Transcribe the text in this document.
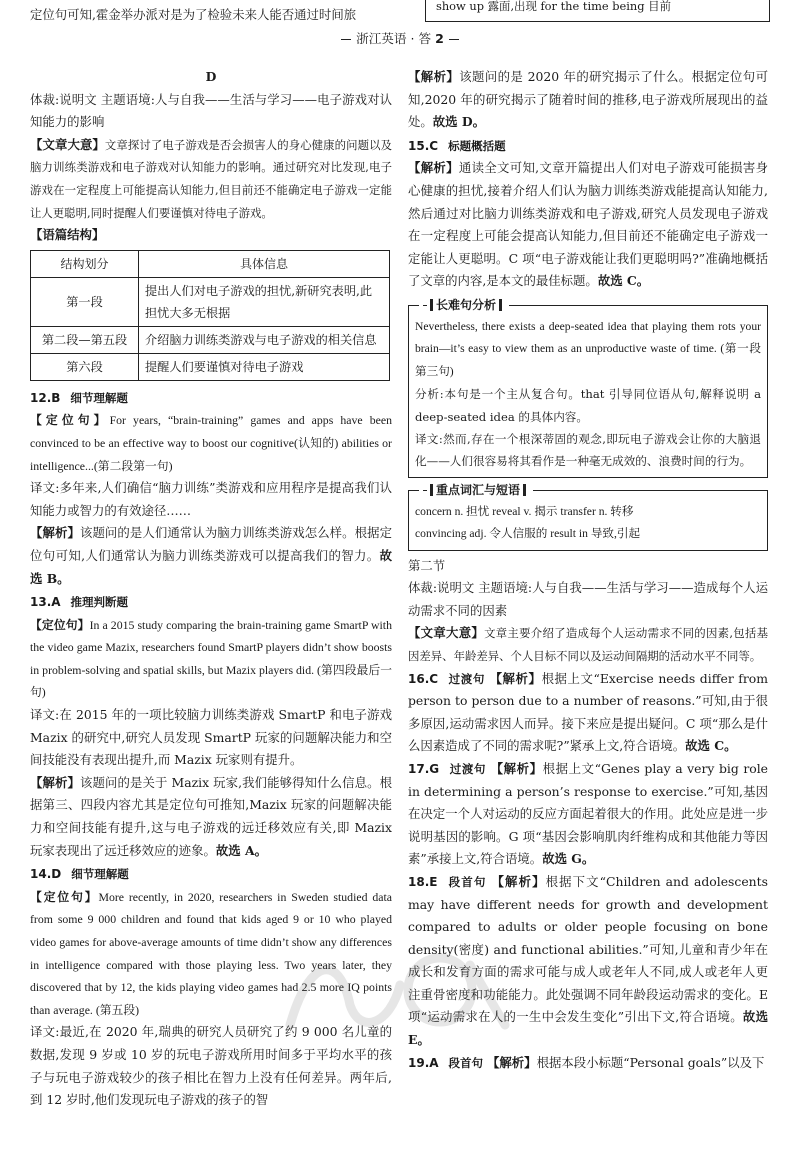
定位句可知,霍金举办派对是为了检验未来人能否通过时间旅
show up 露面,出现 for the time being 目前
浙江英语 · 答 2

D

体裁:说明文 主题语境:人与自我——生活与学习——电子游戏对认知能力的影响

【文章大意】文章探讨了电子游戏是否会损害人的身心健康的问题以及脑力训练类游戏和电子游戏对认知能力的影响。通过研究对比发现,电子游戏在一定程度上可能提高认知能力,但目前还不能确定电子游戏一定能让人更聪明,同时提醒人们要谨慎对待电子游戏。

【语篇结构】

结构划分	具体信息
第一段	提出人们对电子游戏的担忧,新研究表明,此担忧大多无根据
第二段—第五段	介绍脑力训练类游戏与电子游戏的相关信息
第六段	提醒人们要谨慎对待电子游戏

12.B 细节理解题

【定位句】For years, “brain-training” games and apps have been convinced to be an effective way to boost our cognitive(认知的) abilities or intelligence...(第二段第一句)

译文:多年来,人们确信“脑力训练”类游戏和应用程序是提高我们认知能力或智力的有效途径……

【解析】该题问的是人们通常认为脑力训练类游戏怎么样。根据定位句可知,人们通常认为脑力训练类游戏可以提高我们的智力。故选 B。

13.A 推理判断题

【定位句】In a 2015 study comparing the brain-training game SmartP with the video game Mazix, researchers found SmartP players didn’t show boosts in problem-solving and spatial skills, but Mazix players did. (第四段最后一句)

译文:在 2015 年的一项比较脑力训练类游戏 SmartP 和电子游戏 Mazix 的研究中,研究人员发现 SmartP 玩家的问题解决能力和空间技能没有表现出提升,而 Mazix 玩家则有提升。

【解析】该题问的是关于 Mazix 玩家,我们能够得知什么信息。根据第三、四段内容尤其是定位句可推知,Mazix 玩家的问题解决能力和空间技能有提升,这与电子游戏的远迁移效应有关,即 Mazix 玩家表现出了远迁移效应的迹象。故选 A。

14.D 细节理解题

【定位句】More recently, in 2020, researchers in Sweden studied data from some 9 000 children and found that kids aged 9 or 10 who played video games for above-average amounts of time didn’t show any differences in intelligence compared with those playing less. Two years later, they discovered that by 12, the kids playing video games had 2.5 more IQ points than average. (第五段)

译文:最近,在 2020 年,瑞典的研究人员研究了约 9 000 名儿童的数据,发现 9 岁或 10 岁的玩电子游戏所用时间多于平均水平的孩子与玩电子游戏较少的孩子相比在智力上没有任何差异。两年后,到 12 岁时,他们发现玩电子游戏的孩子的智

【解析】该题问的是 2020 年的研究揭示了什么。根据定位句可知,2020 年的研究揭示了随着时间的推移,电子游戏所展现出的益处。故选 D。

15.C 标题概括题

【解析】通读全文可知,文章开篇提出人们对电子游戏可能损害身心健康的担忧,接着介绍人们认为脑力训练类游戏能提高认知能力,然后通过对比脑力训练类游戏和电子游戏,研究人员发现电子游戏在一定程度上可能会提高认知能力,但目前还不能确定电子游戏一定能让人更聪明。C 项“电子游戏能让我们更聪明吗?”准确地概括了文章的内容,是本文的最佳标题。故选 C。

长难句分析

Nevertheless, there exists a deep-seated idea that playing them rots your brain—it’s easy to view them as an unproductive waste of time. (第一段第三句)

分析:本句是一个主从复合句。that 引导同位语从句,解释说明 a deep-seated idea 的具体内容。

译文:然而,存在一个根深蒂固的观念,即玩电子游戏会让你的大脑退化——人们很容易将其看作是一种毫无成效的、浪费时间的行为。

重点词汇与短语

concern n. 担忧 reveal v. 揭示 transfer n. 转移

convincing adj. 令人信服的 result in 导致,引起

第二节

体裁:说明文 主题语境:人与自我——生活与学习——造成每个人运动需求不同的因素

【文章大意】文章主要介绍了造成每个人运动需求不同的因素,包括基因差异、年龄差异、个人目标不同以及运动间隔期的活动水平不同等。

16.C 过渡句 【解析】根据上文“Exercise needs differ from person to person due to a number of reasons.”可知,由于很多原因,运动需求因人而异。接下来应是提出疑问。C 项“那么是什么因素造成了不同的需求呢?”紧承上文,符合语境。故选 C。

17.G 过渡句 【解析】根据上文“Genes play a very big role in determining a person’s response to exercise.”可知,基因在决定一个人对运动的反应方面起着很大的作用。此处应是进一步说明基因的影响。G 项“基因会影响肌肉纤维构成和其他能力等因素”承接上文,符合语境。故选 G。

18.E 段首句 【解析】根据下文“Children and adolescents may have different needs for growth and development compared to adults or older people focusing on bone density(密度) and functional abilities.”可知,儿童和青少年在成长和发育方面的需求可能与成人或老年人不同,成人或老年人更注重骨密度和功能能力。此处强调不同年龄段运动需求的变化。E 项“运动需求在人的一生中会发生变化”引出下文,符合语境。故选 E。

19.A 段首句 【解析】根据本段小标题“Personal goals”以及下
